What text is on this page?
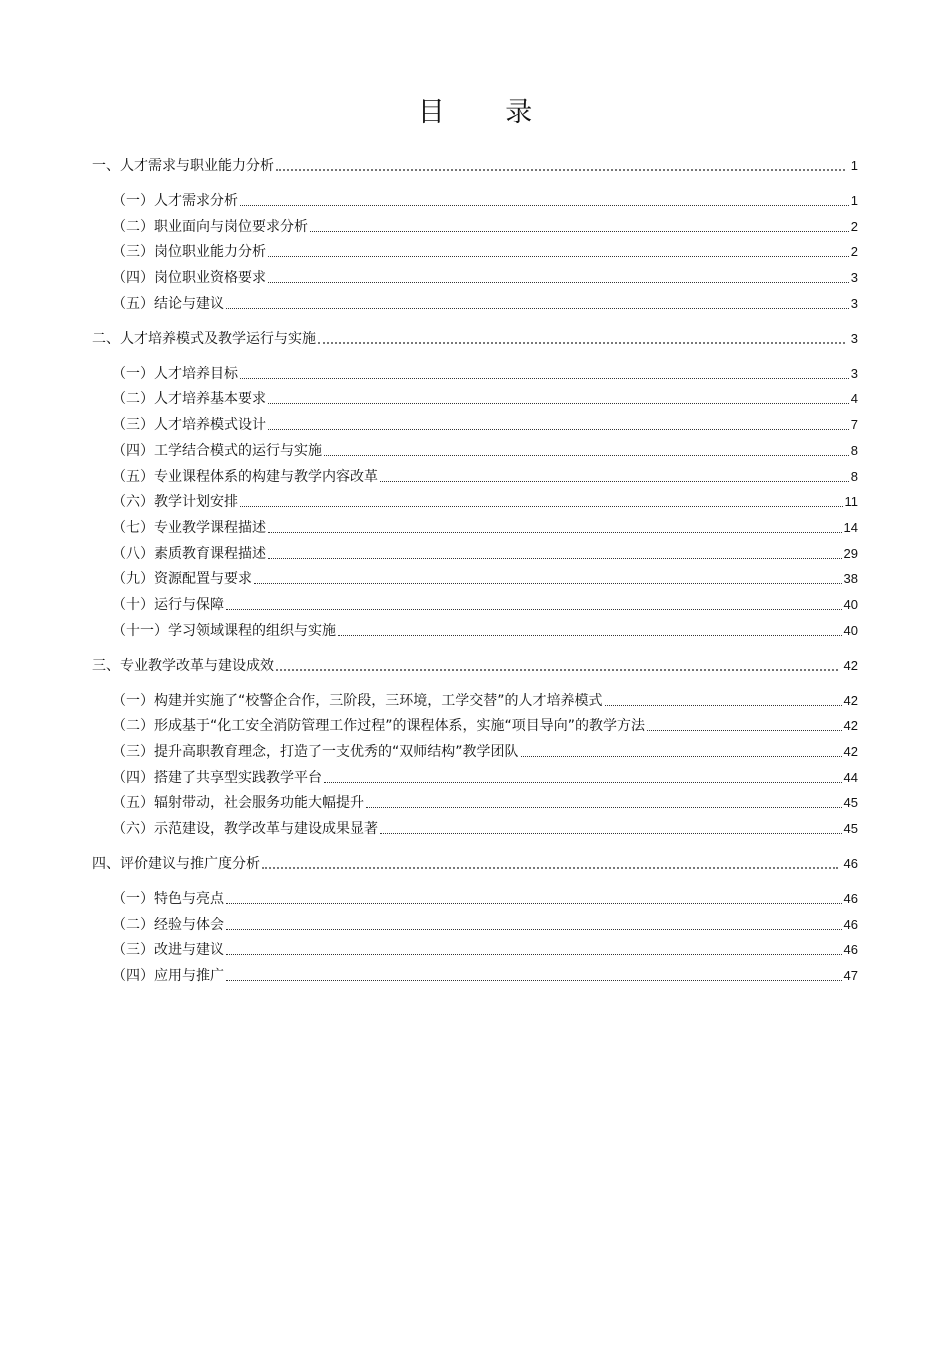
目 录
一、人才需求与职业能力分析	1
（一）人才需求分析	1
（二）职业面向与岗位要求分析	2
（三）岗位职业能力分析	2
（四）岗位职业资格要求	3
（五）结论与建议	3
二、人才培养模式及教学运行与实施	3
（一）人才培养目标	3
（二）人才培养基本要求	4
（三）人才培养模式设计	7
（四）工学结合模式的运行与实施	8
（五）专业课程体系的构建与教学内容改革	8
（六）教学计划安排	11
（七）专业教学课程描述	14
（八）素质教育课程描述	29
（九）资源配置与要求	38
（十）运行与保障	40
（十一）学习领域课程的组织与实施	40
三、专业教学改革与建设成效	42
（一）构建并实施了“校警企合作，三阶段，三环境，工学交替”的人才培养模式	42
（二）形成基于“化工安全消防管理工作过程”的课程体系，实施“项目导向”的教学方法	42
（三）提升高职教育理念，打造了一支优秀的“双师结构”教学团队	42
（四）搭建了共享型实践教学平台	44
（五）辐射带动，社会服务功能大幅提升	45
（六）示范建设，教学改革与建设成果显著	45
四、评价建议与推广度分析	46
（一）特色与亮点	46
（二）经验与体会	46
（三）改进与建议	46
（四）应用与推广	47
